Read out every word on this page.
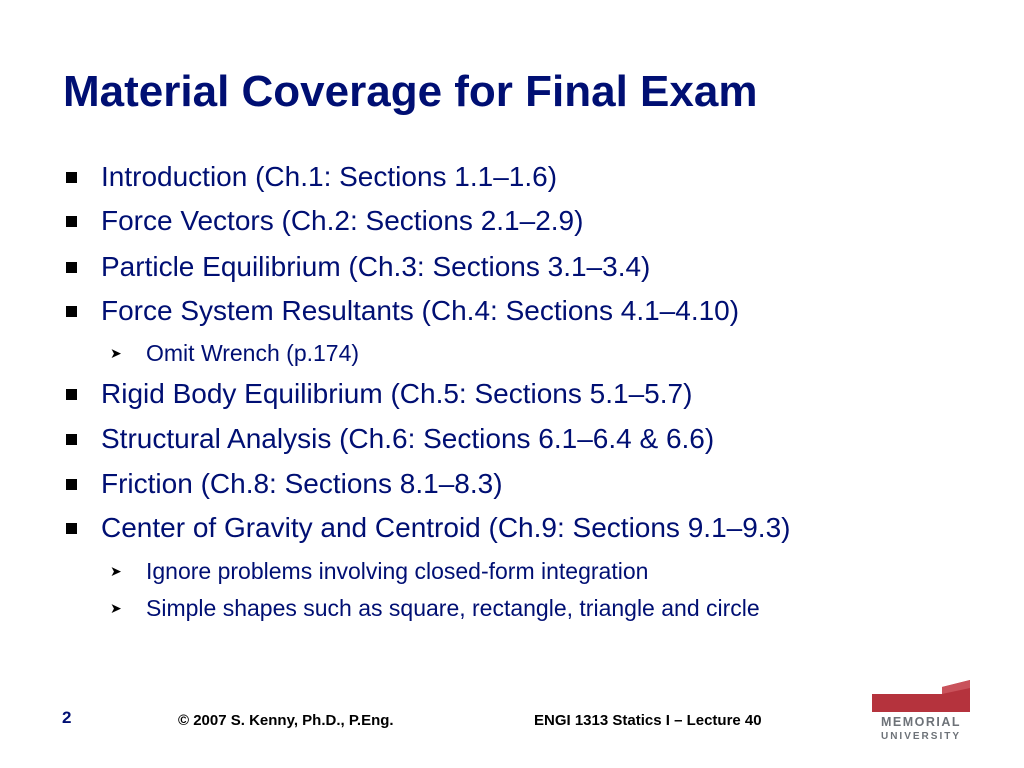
Material Coverage for Final Exam
Introduction (Ch.1: Sections 1.1–1.6)
Force Vectors (Ch.2: Sections 2.1–2.9)
Particle Equilibrium (Ch.3: Sections 3.1–3.4)
Force System Resultants (Ch.4: Sections 4.1–4.10)
➤ Omit Wrench (p.174)
Rigid Body Equilibrium (Ch.5: Sections 5.1–5.7)
Structural Analysis (Ch.6: Sections 6.1–6.4 & 6.6)
Friction (Ch.8: Sections 8.1–8.3)
Center of Gravity and Centroid (Ch.9: Sections 9.1–9.3)
➤ Ignore problems involving closed-form integration
➤ Simple shapes such as square, rectangle, triangle and circle
2	© 2007 S. Kenny, Ph.D., P.Eng.	ENGI 1313 Statics I – Lecture 40	MEMORIAL
UNIVERSITY
